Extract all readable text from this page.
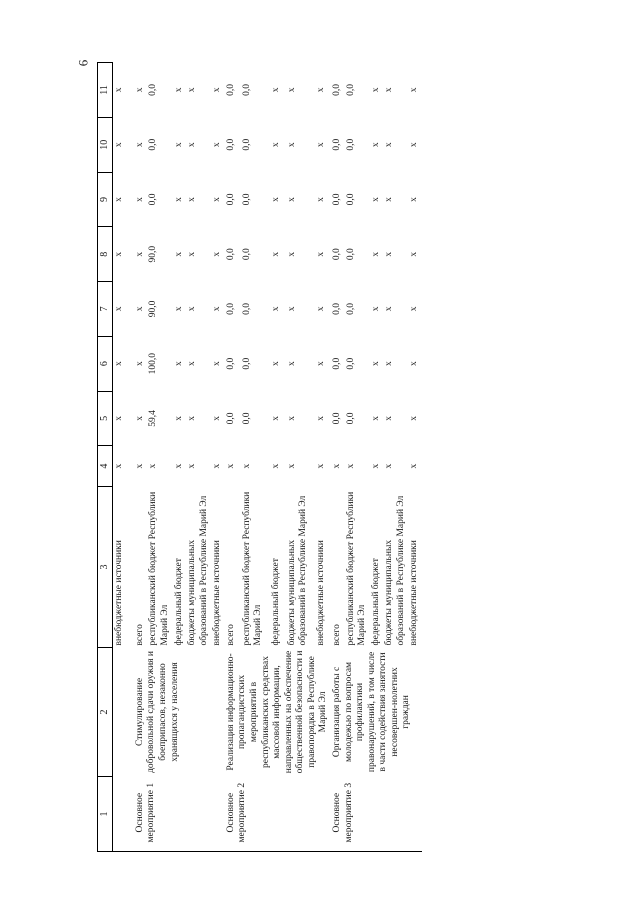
6
1	2	3	4	5	6	7	8	9	10	11
		внебюджетные источники	х	х	х	х	х	х	х	х
Основное мероприятие 1	Стимулирование добровольной сдачи оружия и боеприпасов, незаконно хранящихся у населения	всего	х	х	х	х	х	х	х	х
		республиканский бюджет Республики Марий Эл	х	59,4	100,0	90,0	90,0	0,0	0,0	0,0
		федеральный бюджет	х	х	х	х	х	х	х	х
		бюджеты муниципальных образований в Республике Марий Эл	х	х	х	х	х	х	х	х
		внебюджетные источники	х	х	х	х	х	х	х	х
Основное мероприятие 2	Реализация информационно-пропагандистских мероприятий в республиканских средствах массовой информации, направленных на обеспечение общественной безопасности и правопорядка в Республике Марий Эл	всего	х	0,0	0,0	0,0	0,0	0,0	0,0	0,0
		республиканский бюджет Республики Марий Эл	х	0,0	0,0	0,0	0,0	0,0	0,0	0,0
		федеральный бюджет	х	х	х	х	х	х	х	х
		бюджеты муниципальных образований в Республике Марий Эл	х	х	х	х	х	х	х	х
		внебюджетные источники	х	х	х	х	х	х	х	х
Основное мероприятие 3	Организация работы с молодежью по вопросам профилактики правонарушений, в том числе в части содействия занятости несовершен-нолетних граждан	всего	х	0,0	0,0	0,0	0,0	0,0	0,0	0,0
		республиканский бюджет Республики Марий Эл	х	0,0	0,0	0,0	0,0	0,0	0,0	0,0
		федеральный бюджет	х	х	х	х	х	х	х	х
		бюджеты муниципальных образований в Республике Марий Эл	х	х	х	х	х	х	х	х
		внебюджетные источники	х	х	х	х	х	х	х	х
